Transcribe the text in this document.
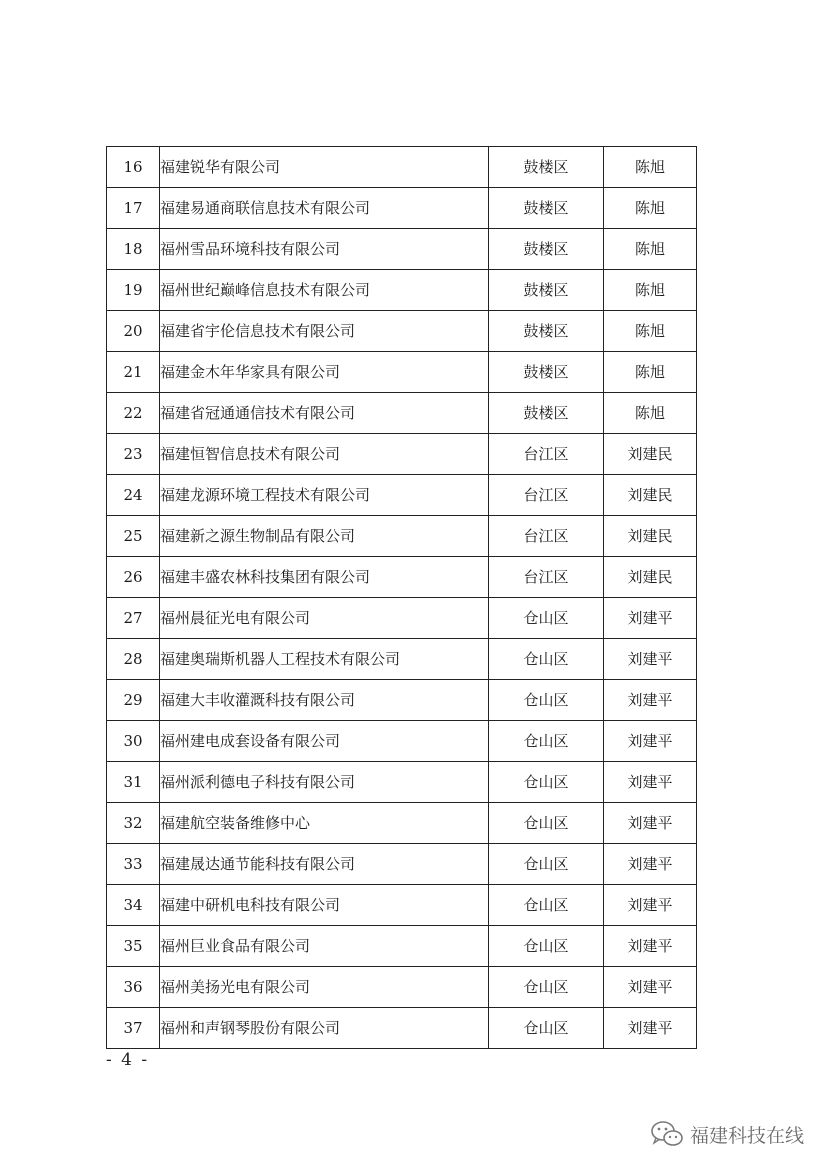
16	福建锐华有限公司	鼓楼区	陈旭
17	福建易通商联信息技术有限公司	鼓楼区	陈旭
18	福州雪品环境科技有限公司	鼓楼区	陈旭
19	福州世纪巅峰信息技术有限公司	鼓楼区	陈旭
20	福建省宇伦信息技术有限公司	鼓楼区	陈旭
21	福建金木年华家具有限公司	鼓楼区	陈旭
22	福建省冠通通信技术有限公司	鼓楼区	陈旭
23	福建恒智信息技术有限公司	台江区	刘建民
24	福建龙源环境工程技术有限公司	台江区	刘建民
25	福建新之源生物制品有限公司	台江区	刘建民
26	福建丰盛农林科技集团有限公司	台江区	刘建民
27	福州晨征光电有限公司	仓山区	刘建平
28	福建奥瑞斯机器人工程技术有限公司	仓山区	刘建平
29	福建大丰收灌溉科技有限公司	仓山区	刘建平
30	福州建电成套设备有限公司	仓山区	刘建平
31	福州派利德电子科技有限公司	仓山区	刘建平
32	福建航空装备维修中心	仓山区	刘建平
33	福建晟达通节能科技有限公司	仓山区	刘建平
34	福建中研机电科技有限公司	仓山区	刘建平
35	福州巨业食品有限公司	仓山区	刘建平
36	福州美扬光电有限公司	仓山区	刘建平
37	福州和声钢琴股份有限公司	仓山区	刘建平
- 4 -
福建科技在线
